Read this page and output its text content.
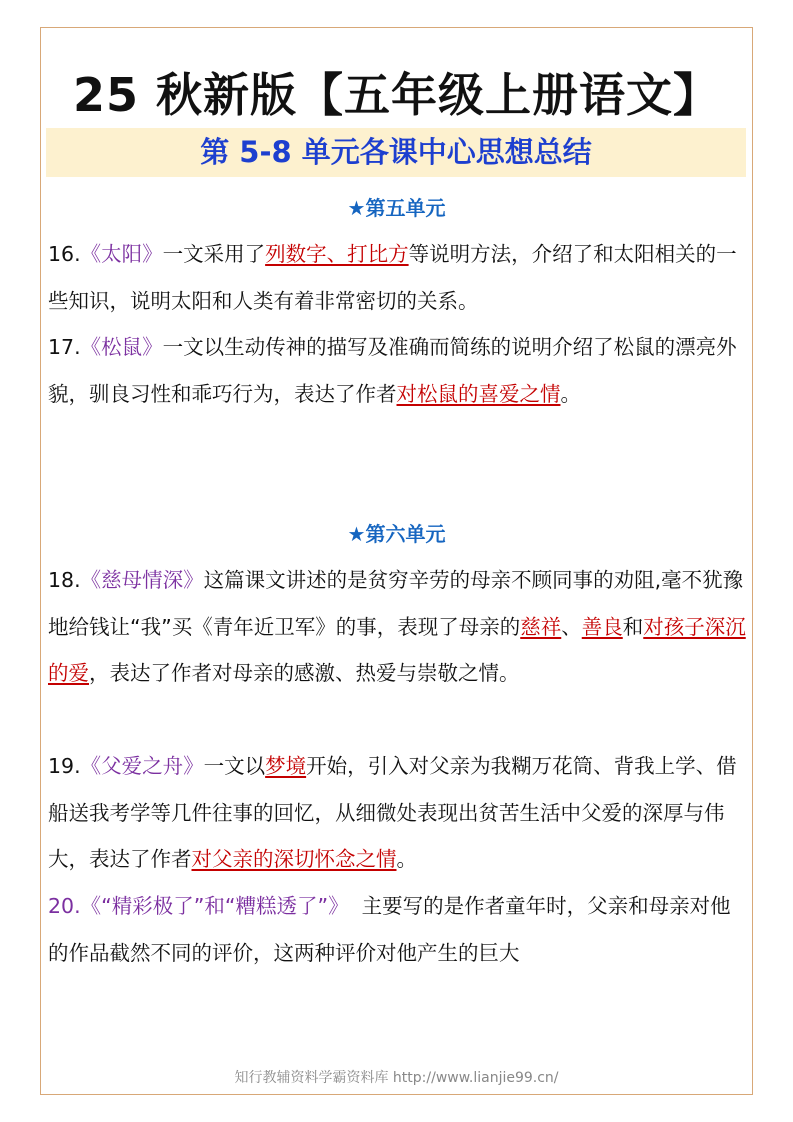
25 秋新版【五年级上册语文】
第 5-8 单元各课中心思想总结
★第五单元
16.《太阳》一文采用了列数字、打比方等说明方法，介绍了和太阳相关的一些知识，说明太阳和人类有着非常密切的关系。
17.《松鼠》一文以生动传神的描写及准确而简练的说明介绍了松鼠的漂亮外貌，驯良习性和乖巧行为，表达了作者对松鼠的喜爱之情。
★第六单元
18.《慈母情深》这篇课文讲述的是贫穷辛劳的母亲不顾同事的劝阻,毫不犹豫地给钱让“我”买《青年近卫军》的事，表现了母亲的慈祥、善良和对孩子深沉的爱，表达了作者对母亲的感激、热爱与崇敬之情。
19.《父爱之舟》一文以梦境开始，引入对父亲为我糊万花筒、背我上学、借船送我考学等几件往事的回忆，从细微处表现出贫苦生活中父爱的深厚与伟大，表达了作者对父亲的深切怀念之情。
20.《“精彩极了”和“糟糕透了”》  主要写的是作者童年时，父亲和母亲对他的作品截然不同的评价，这两种评价对他产生的巨大
知行教辅资料学霸资料库 http://www.lianjie99.cn/
